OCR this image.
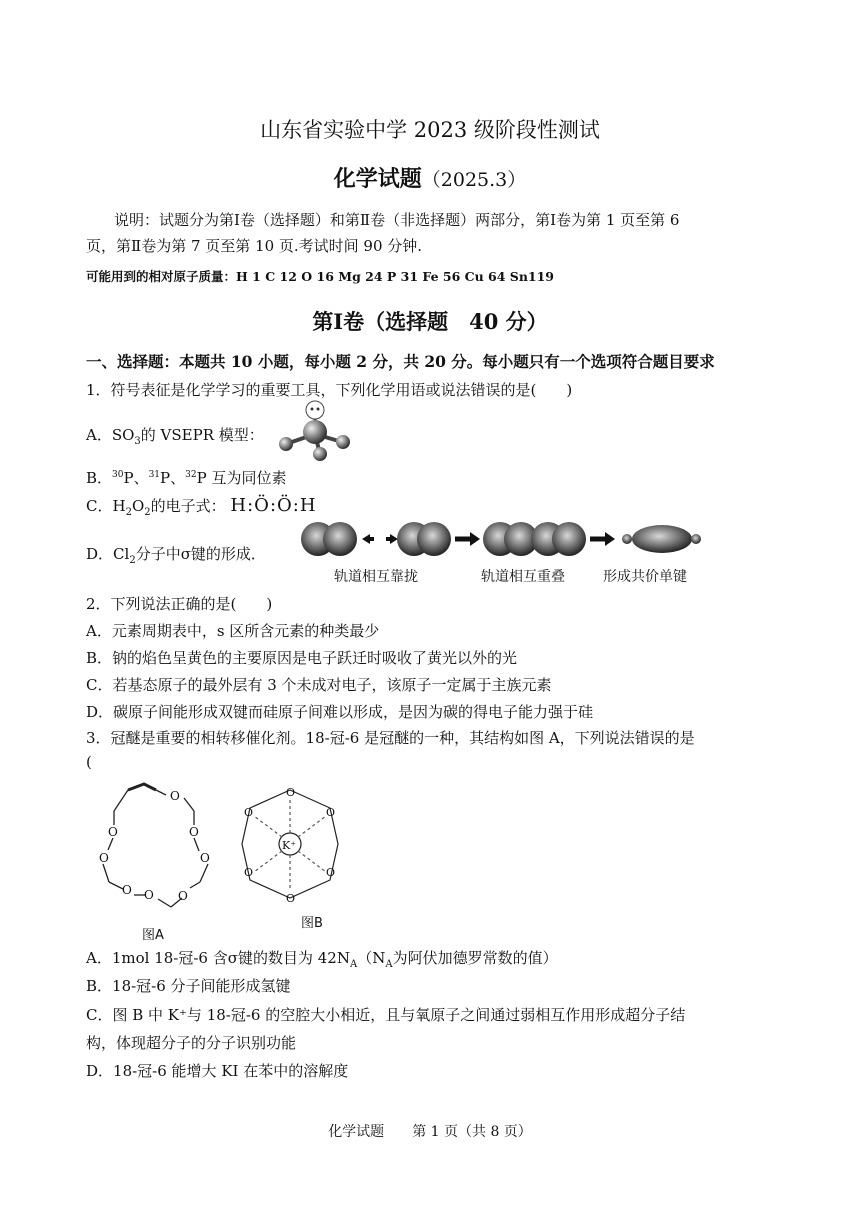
山东省实验中学 2023 级阶段性测试
化学试题（2025.3）
说明：试题分为第Ⅰ卷（选择题）和第Ⅱ卷（非选择题）两部分，第Ⅰ卷为第 1 页至第 6
页，第Ⅱ卷为第 7 页至第 10 页.考试时间 90 分钟.
可能用到的相对原子质量：H 1 C 12 O 16 Mg 24 P 31 Fe 56 Cu 64 Sn119
第Ⅰ卷（选择题　40 分）
一、选择题：本题共 10 小题，每小题 2 分，共 20 分。每小题只有一个选项符合题目要求
1．符号表征是化学学习的重要工具，下列化学用语或说法错误的是(　　)
A．$SO_3$的 VSEPR 模型：
B．$^{30}$P、$^{31}$P、$^{32}$P 互为同位素
C．$H_2O_2$的电子式： H:Ö:Ö:H
D．$Cl_2$分子中σ键的形成．
轨道相互靠拢	轨道相互重叠	形成共价单键
2．下列说法正确的是(　　)
A．元素周期表中，s 区所含元素的种类最少
B．钠的焰色呈黄色的主要原因是电子跃迁时吸收了黄光以外的光
C．若基态原子的最外层有 3 个未成对电子，该原子一定属于主族元素
D．碳原子间能形成双键而硅原子间难以形成，是因为碳的得电子能力强于硅
3．冠醚是重要的相转移催化剂。18-冠-6 是冠醚的一种，其结构如图 A，下列说法错误的是
(
O
O
O
O
O
O
O
O
图A
O
O
O
O
O
O
K⁺
图B
A．1mol 18-冠-6 含σ键的数目为 $42N_A(N_A$为阿伏加德罗常数的值）
B．18-冠-6 分子间能形成氢键
C．图 B 中 K⁺与 18-冠-6 的空腔大小相近，且与氧原子之间通过弱相互作用形成超分子结
构，体现超分子的分子识别功能
D．18-冠-6 能增大 KI 在苯中的溶解度
化学试题 第 1 页（共 8 页）
